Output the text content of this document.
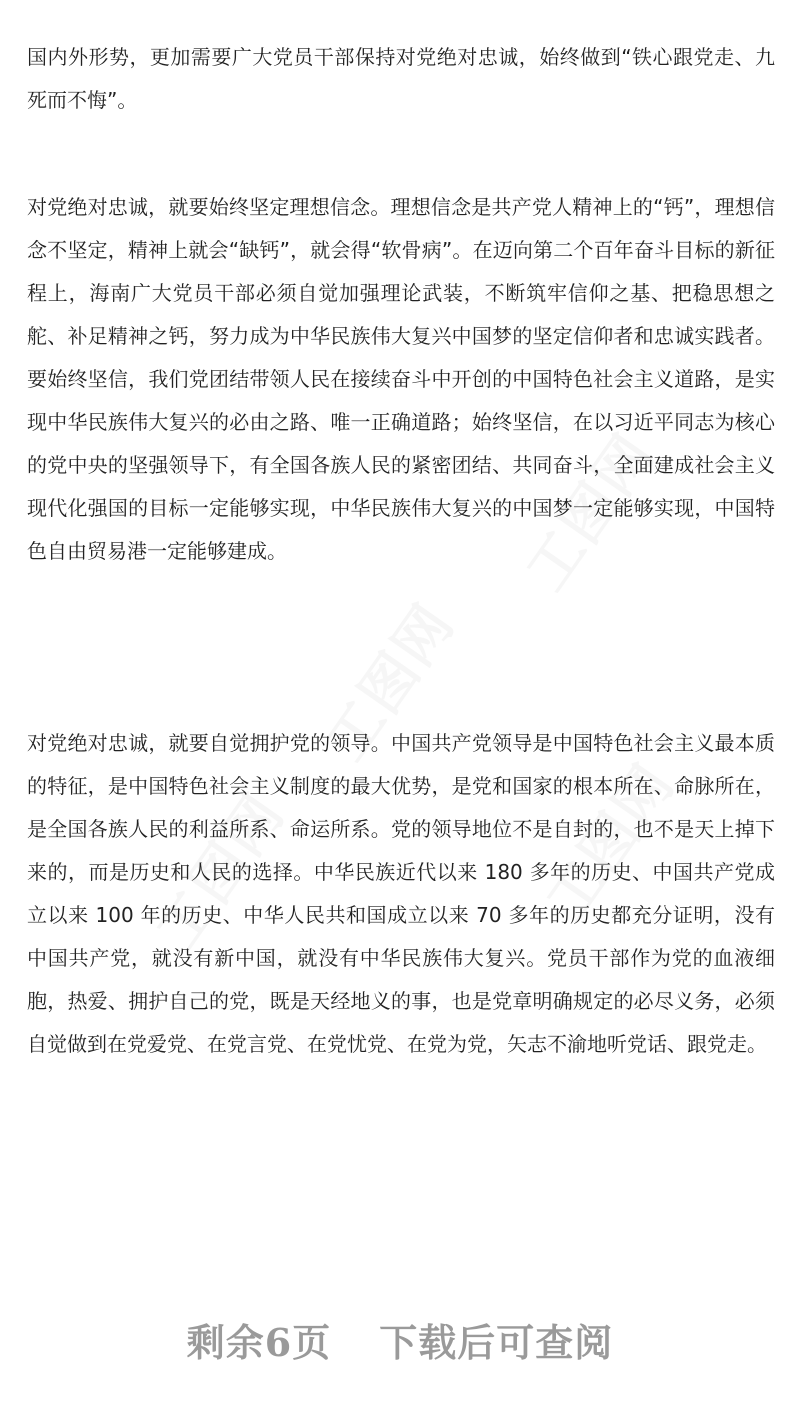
工图网
工图网
工图网
工图网

国内外形势，更加需要广大党员干部保持对党绝对忠诚，始终做到“铁心跟党走、九死而不悔”。

对党绝对忠诚，就要始终坚定理想信念。理想信念是共产党人精神上的“钙”，理想信念不坚定，精神上就会“缺钙”，就会得“软骨病”。在迈向第二个百年奋斗目标的新征程上，海南广大党员干部必须自觉加强理论武装，不断筑牢信仰之基、把稳思想之舵、补足精神之钙，努力成为中华民族伟大复兴中国梦的坚定信仰者和忠诚实践者。要始终坚信，我们党团结带领人民在接续奋斗中开创的中国特色社会主义道路，是实现中华民族伟大复兴的必由之路、唯一正确道路；始终坚信，在以习近平同志为核心的党中央的坚强领导下，有全国各族人民的紧密团结、共同奋斗，全面建成社会主义现代化强国的目标一定能够实现，中华民族伟大复兴的中国梦一定能够实现，中国特色自由贸易港一定能够建成。

对党绝对忠诚，就要自觉拥护党的领导。中国共产党领导是中国特色社会主义最本质的特征，是中国特色社会主义制度的最大优势，是党和国家的根本所在、命脉所在，是全国各族人民的利益所系、命运所系。党的领导地位不是自封的，也不是天上掉下来的，而是历史和人民的选择。中华民族近代以来 180 多年的历史、中国共产党成立以来 100 年的历史、中华人民共和国成立以来 70 多年的历史都充分证明，没有中国共产党，就没有新中国，就没有中华民族伟大复兴。党员干部作为党的血液细胞，热爱、拥护自己的党，既是天经地义的事，也是党章明确规定的必尽义务，必须自觉做到在党爱党、在党言党、在党忧党、在党为党，矢志不渝地听党话、跟党走。

剩余6页 下载后可查阅
